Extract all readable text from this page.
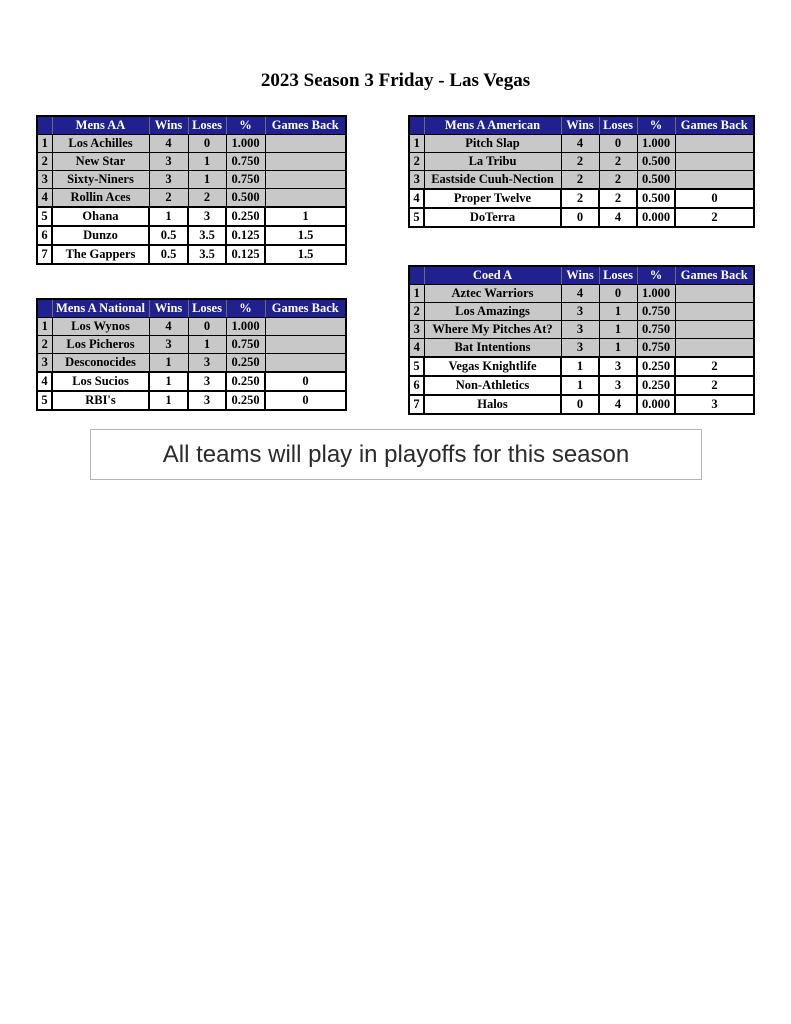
2023 Season 3 Friday - Las Vegas
	Mens AA	Wins	Loses	%	Games Back
1	Los Achilles	4	0	1.000	
2	New Star	3	1	0.750	
3	Sixty-Niners	3	1	0.750	
4	Rollin Aces	2	2	0.500	
5	Ohana	1	3	0.250	1
6	Dunzo	0.5	3.5	0.125	1.5
7	The Gappers	0.5	3.5	0.125	1.5
	Mens A American	Wins	Loses	%	Games Back
1	Pitch Slap	4	0	1.000	
2	La Tribu	2	2	0.500	
3	Eastside Cuuh-Nection	2	2	0.500	
4	Proper Twelve	2	2	0.500	0
5	DoTerra	0	4	0.000	2
	Mens A National	Wins	Loses	%	Games Back
1	Los Wynos	4	0	1.000	
2	Los Picheros	3	1	0.750	
3	Desconocides	1	3	0.250	
4	Los Sucios	1	3	0.250	0
5	RBI's	1	3	0.250	0
	Coed A	Wins	Loses	%	Games Back
1	Aztec Warriors	4	0	1.000	
2	Los Amazings	3	1	0.750	
3	Where My Pitches At?	3	1	0.750	
4	Bat Intentions	3	1	0.750	
5	Vegas Knightlife	1	3	0.250	2
6	Non-Athletics	1	3	0.250	2
7	Halos	0	4	0.000	3
All teams will play in playoffs for this season
